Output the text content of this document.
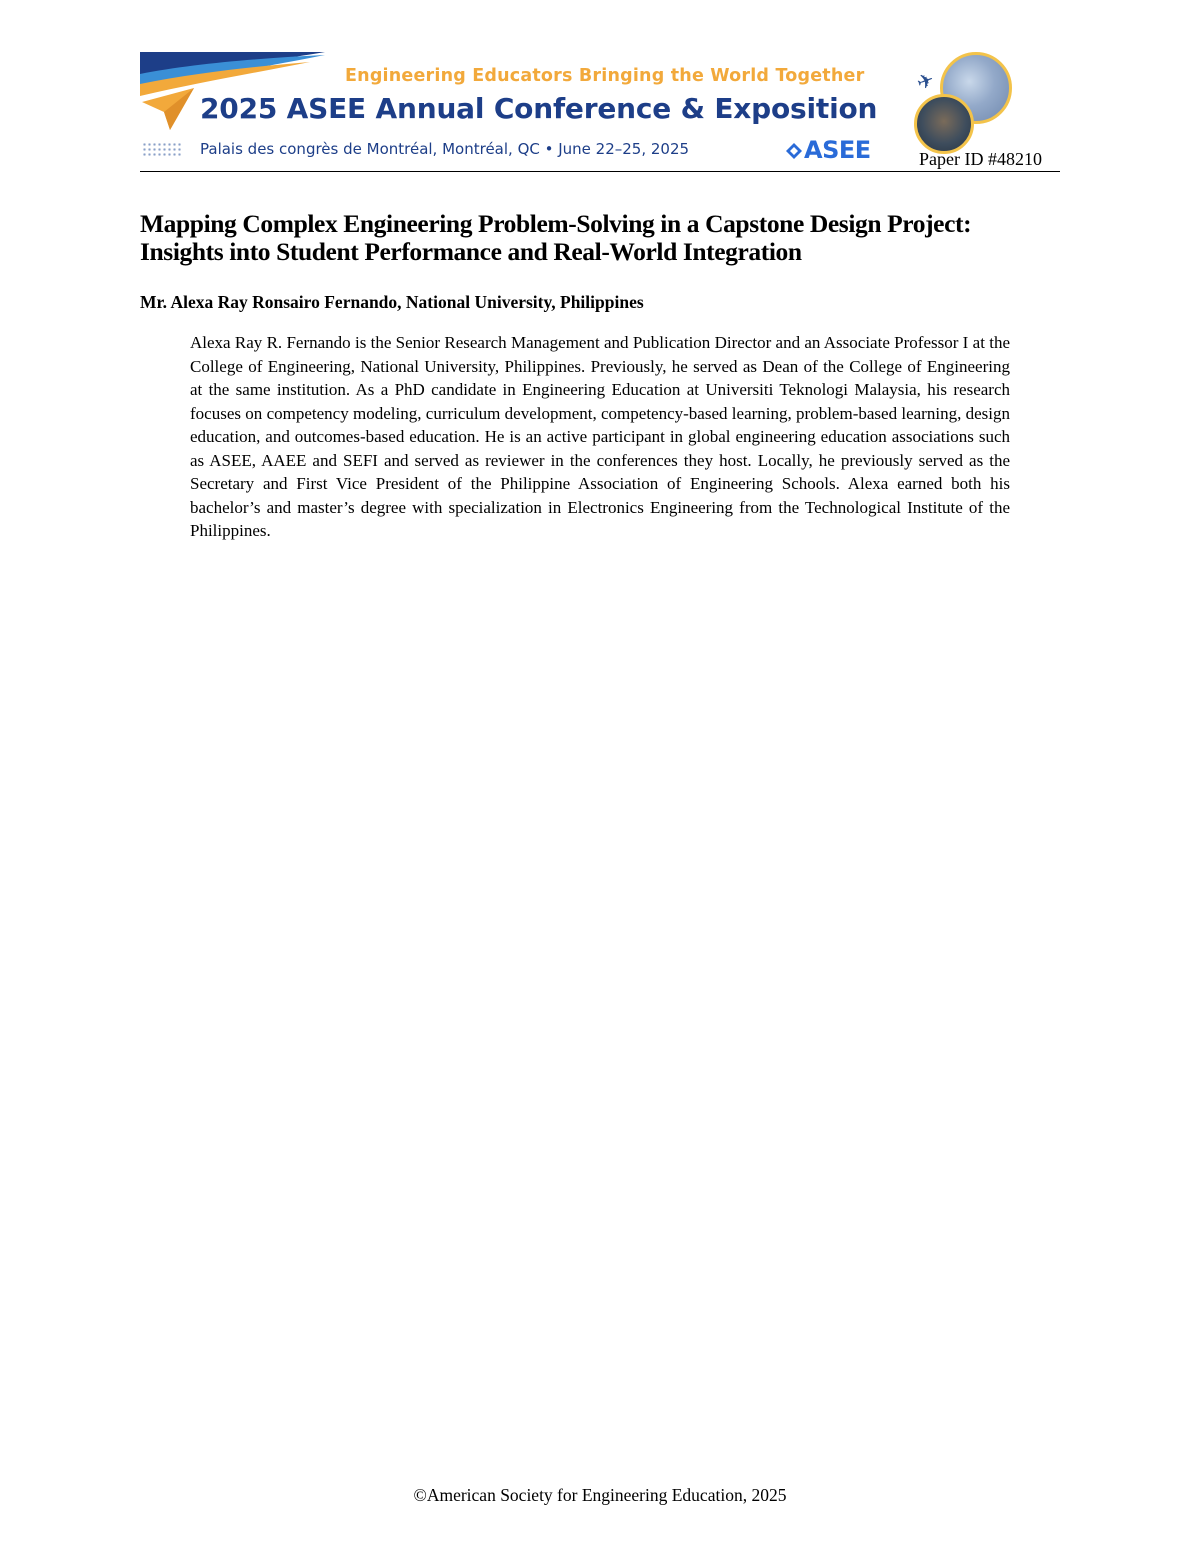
Engineering Educators Bringing the World Together
2025 ASEE Annual Conference & Exposition
Palais des congrès de Montréal, Montréal, QC • June 22–25, 2025	ASEE
✈
Paper ID #48210
Mapping Complex Engineering Problem-Solving in a Capstone Design Project:
Insights into Student Performance and Real-World Integration
Mr. Alexa Ray Ronsairo Fernando, National University, Philippines

Alexa Ray R. Fernando is the Senior Research Management and Publication Director and an Associate Professor I at the College of Engineering, National University, Philippines. Previously, he served as Dean of the College of Engineering at the same institution. As a PhD candidate in Engineering Education at Universiti Teknologi Malaysia, his research focuses on competency modeling, curriculum development, competency-based learning, problem-based learning, design education, and outcomes-based education. He is an active participant in global engineering education associations such as ASEE, AAEE and SEFI and served as reviewer in the conferences they host. Locally, he previously served as the Secretary and First Vice President of the Philippine Association of Engineering Schools. Alexa earned both his bachelor’s and master’s degree with specialization in Electronics Engineering from the Technological Institute of the Philippines.

©American Society for Engineering Education, 2025
